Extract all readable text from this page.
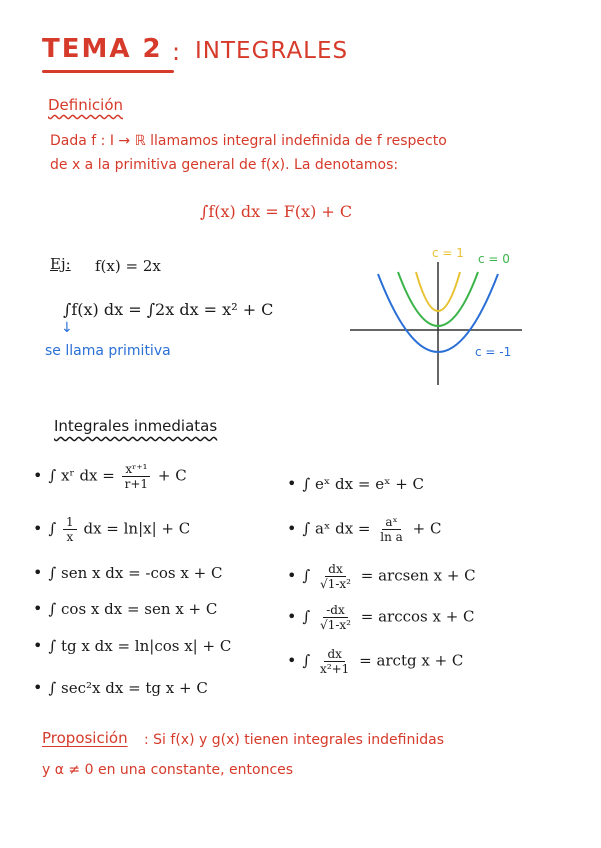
TEMA 2 : INTEGRALES
Definición
Dada f : I → ℝ llamamos integral indefinida de f respecto
de x a la primitiva general de f(x). La denotamos:
∫f(x) dx = F(x) + C
Ej: f(x) = 2x
∫f(x) dx = ∫2x dx = x² + C
↓
se llama primitiva
c = 1 c = 0
c = -1
Integrales inmediatas
• ∫ xʳ dx = $\frac{\text{xʳ⁺¹}}{r+1} + C$
• ∫ $\frac{1}{x}$ dx = ln|x| + C
• ∫ sen x dx = -cos x + C
• ∫ cos x dx = sen x + C
• ∫ tg x dx = ln|cos x| + C
• ∫ sec²x dx = tg x + C
• ∫ eˣ dx = eˣ + C
• ∫ aˣ dx = $\frac{\text{aˣ}}{\text{ln a}} + C$
• ∫ $\frac{dx}{\text{√1-x²}}$ = arcsen x + C
• ∫ $\frac{-dx}{\text{√1-x²}} = \arccos x + C$
• ∫ $\frac{dx}{\text{x²+1}}$ = arctg x + C
Proposición : Si f(x) y g(x) tienen integrales indefinidas
y α ≠ 0 en una constante, entonces
